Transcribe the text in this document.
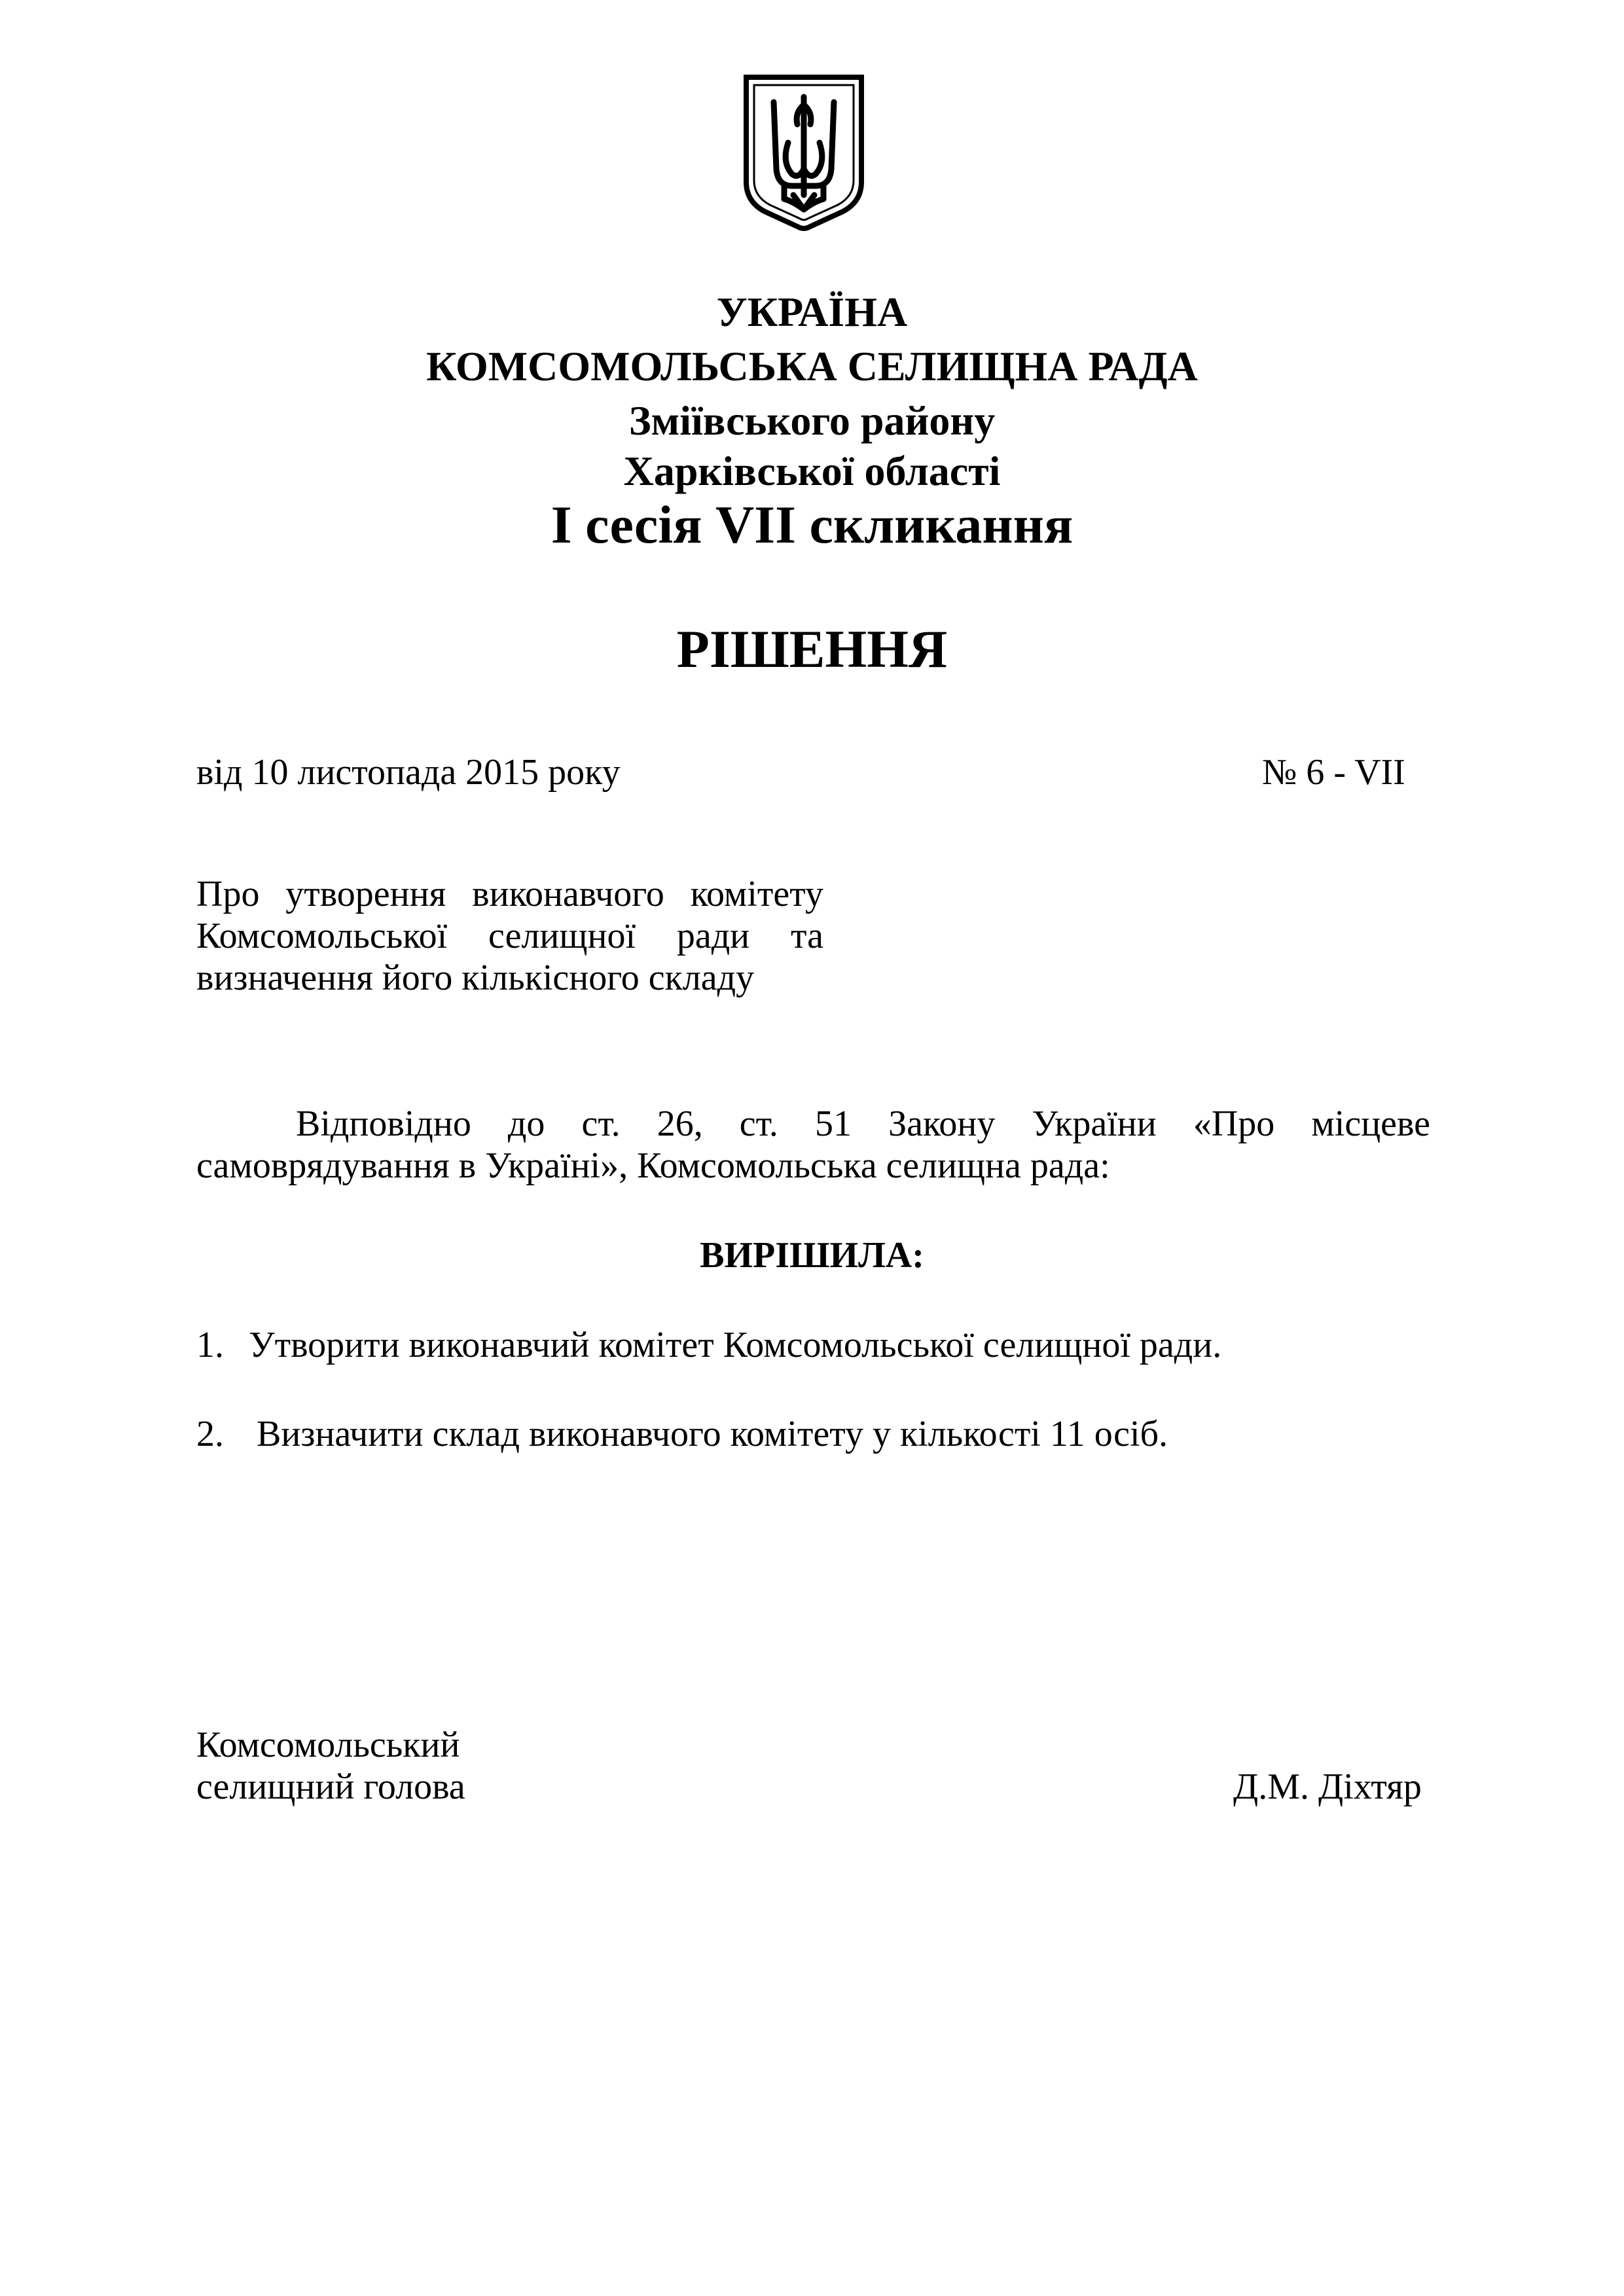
УКРАЇНА
КОМСОМОЛЬСЬКА СЕЛИЩНА РАДА
Зміївського району
Харківської області
І сесія VІІ скликання
РІШЕННЯ
від 10 листопада 2015 року	№ 6 - VІІ
Про утворення виконавчого комітету
Комсомольської селищної ради та
визначення його кількісного складу
Відповідно до ст. 26, ст. 51 Закону України «Про місцеве
самоврядування в Україні», Комсомольська селищна рада:
ВИРІШИЛА:
1. Утворити виконавчий комітет Комсомольської селищної ради.
2. Визначити склад виконавчого комітету у кількості 11 осіб.
Комсомольський
селищний голова	Д.М. Діхтяр
